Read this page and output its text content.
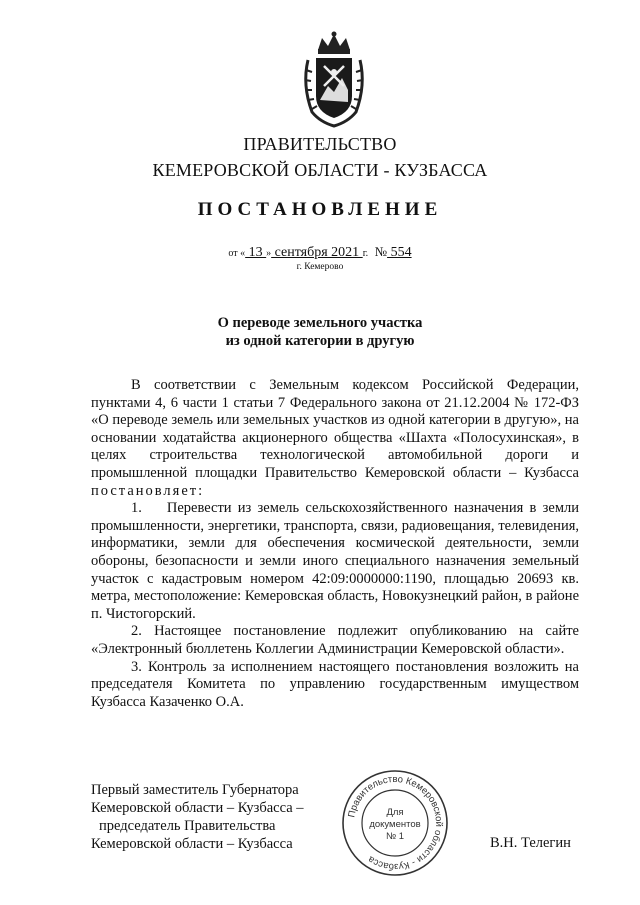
ПРАВИТЕЛЬСТВО
КЕМЕРОВСКОЙ ОБЛАСТИ - КУЗБАССА
ПОСТАНОВЛЕНИЕ
от « 13 » сентября 2021 г. № 554
г. Кемерово
О переводе земельного участка
из одной категории в другую

В соответствии с Земельным кодексом Российской Федерации, пунктами 4, 6 части 1 статьи 7 Федерального закона от 21.12.2004 № 172-ФЗ «О переводе земель или земельных участков из одной категории в другую», на основании ходатайства акционерного общества «Шахта «Полосухинская», в целях строительства технологической автомобильной дороги и промышленной площадки Правительство Кемеровской области – Кузбасса постановляет:

1.    Перевести из земель сельскохозяйственного назначения в земли промышленности, энергетики, транспорта, связи, радиовещания, телевидения, информатики, земли для обеспечения космической деятельности, земли обороны, безопасности и земли иного специального назначения земельный участок с кадастровым номером 42:09:0000000:1190, площадью 20693 кв. метра, местоположение: Кемеровская область, Новокузнецкий район, в районе п. Чистогорский.

2. Настоящее постановление подлежит опубликованию на сайте «Электронный бюллетень Коллегии Администрации Кемеровской области».

3. Контроль за исполнением настоящего постановления возложить на председателя Комитета по управлению государственным имуществом Кузбасса Казаченко О.А.

Первый заместитель Губернатора
Кемеровской области – Кузбасса –
председатель Правительства
Кемеровской области – Кузбасса
Правительство Кемеровской области - Кузбасса
Для
документов
№ 1	В.Н. Телегин
